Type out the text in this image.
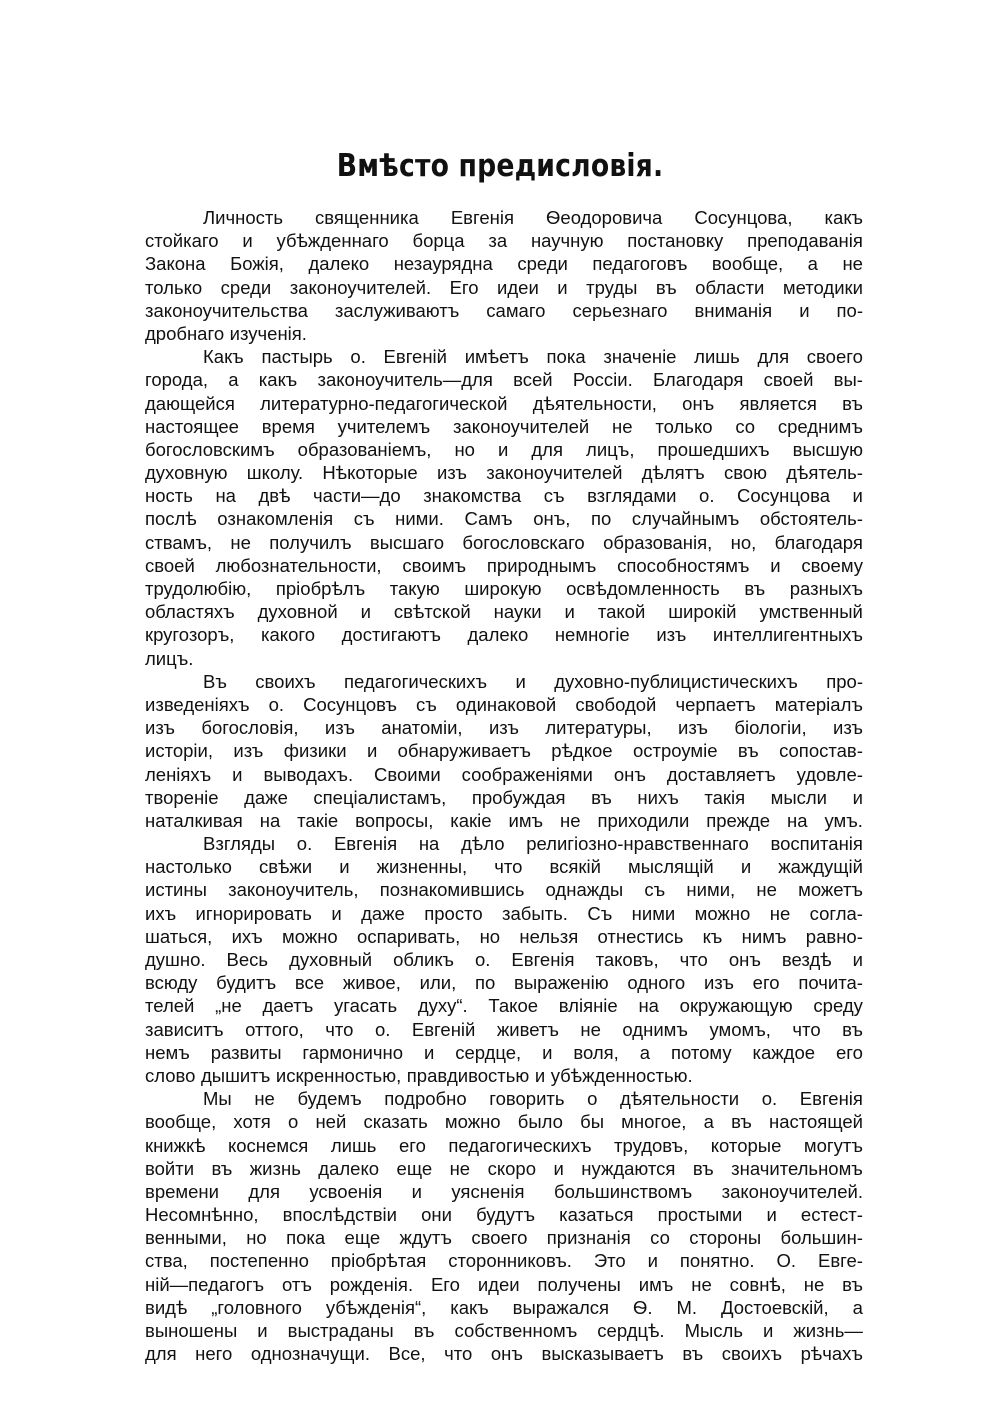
Вмѣсто предисловія.
Личность священника Евгенія Ѳеодоровича Сосунцова, какъ
стойкаго и убѣжденнаго борца за научную постановку преподаванія
Закона Божія, далеко незаурядна среди педагоговъ вообще, а не
только среди законоучителей. Его идеи и труды въ области методики
законоучительства заслуживаютъ самаго серьезнаго вниманія и по-
дробнаго изученія.
Какъ пастырь о. Евгеній имѣетъ пока значеніе лишь для своего
города, а какъ законоучитель—для всей Россіи. Благодаря своей вы-
дающейся литературно-педагогической дѣятельности, онъ является въ
настоящее время учителемъ законоучителей не только со среднимъ
богословскимъ образованіемъ, но и для лицъ, прошедшихъ высшую
духовную школу. Нѣкоторые изъ законоучителей дѣлятъ свою дѣятель-
ность на двѣ части—до знакомства съ взглядами о. Сосунцова и
послѣ ознакомленія съ ними. Самъ онъ, по случайнымъ обстоятель-
ствамъ, не получилъ высшаго богословскаго образованія, но, благодаря
своей любознательности, своимъ природнымъ способностямъ и своему
трудолюбію, пріобрѣлъ такую широкую освѣдомленность въ разныхъ
областяхъ духовной и свѣтской науки и такой широкій умственный
кругозоръ, какого достигаютъ далеко немногіе изъ интеллигентныхъ
лицъ.
Въ своихъ педагогическихъ и духовно-публицистическихъ про-
изведеніяхъ о. Сосунцовъ съ одинаковой свободой черпаетъ матеріалъ
изъ богословія, изъ анатоміи, изъ литературы, изъ біологіи, изъ
исторіи, изъ физики и обнаруживаетъ рѣдкое остроуміе въ сопостав-
леніяхъ и выводахъ. Своими соображеніями онъ доставляетъ удовле-
твореніе даже спеціалистамъ, пробуждая въ нихъ такія мысли и
наталкивая на такіе вопросы, какіе имъ не приходили прежде на умъ.
Взгляды о. Евгенія на дѣло религіозно-нравственнаго воспитанія
настолько свѣжи и жизненны, что всякій мыслящій и жаждущій
истины законоучитель, познакомившись однажды съ ними, не можетъ
ихъ игнорировать и даже просто забыть. Съ ними можно не согла-
шаться, ихъ можно оспаривать, но нельзя отнестись къ нимъ равно-
душно. Весь духовный обликъ о. Евгенія таковъ, что онъ вездѣ и
всюду будитъ все живое, или, по выраженію одного изъ его почита-
телей „не даетъ угасать духу“. Такое вліяніе на окружающую среду
зависитъ оттого, что о. Евгеній живетъ не однимъ умомъ, что въ
немъ развиты гармонично и сердце, и воля, а потому каждое его
слово дышитъ искренностью, правдивостью и убѣжденностью.
Мы не будемъ подробно говорить о дѣятельности о. Евгенія
вообще, хотя о ней сказать можно было бы многое, а въ настоящей
книжкѣ коснемся лишь его педагогическихъ трудовъ, которые могутъ
войти въ жизнь далеко еще не скоро и нуждаются въ значительномъ
времени для усвоенія и уясненія большинствомъ законоучителей.
Несомнѣнно, впослѣдствіи они будутъ казаться простыми и естест-
венными, но пока еще ждутъ своего признанія со стороны большин-
ства, постепенно пріобрѣтая сторонниковъ. Это и понятно. О. Евге-
ній—педагогъ отъ рожденія. Его идеи получены имъ не совнѣ, не въ
видѣ „головного убѣжденія“, какъ выражался Ѳ. М. Достоевскій, а
выношены и выстраданы въ собственномъ сердцѣ. Мысль и жизнь—
для него однозначущи. Все, что онъ высказываетъ въ своихъ рѣчахъ
